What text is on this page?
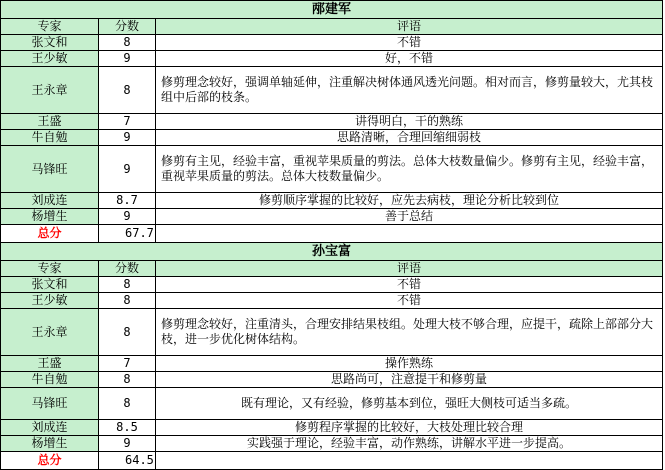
邴建军		
专家	分数	评语
张文和	8	不错
王少敏	9	好，不错
王永章	8	修剪理念较好，强调单轴延伸，注重解决树体通风透光问题。相对而言，修剪量较大，尤其枝组中后部的枝条。
王盛	7	讲得明白，干的熟练
牛自勉	9	思路清晰，合理回缩细弱枝
马锋旺	9	修剪有主见，经验丰富，重视苹果质量的剪法。总体大枝数量偏少。修剪有主见，经验丰富，重视苹果质量的剪法。总体大枝数量偏少。
刘成连	8.7	修剪顺序掌握的比较好，应先去病枝，理论分析比较到位
杨增生	9	善于总结
总分	67.7	
孙宝富		
专家	分数	评语
张文和	8	不错
王少敏	8	不错
王永章	8	修剪理念较好，注重清头，合理安排结果枝组。处理大枝不够合理，应提干，疏除上部部分大枝，进一步优化树体结构。
王盛	7	操作熟练
牛自勉	8	思路尚可，注意提干和修剪量
马锋旺	8	既有理论，又有经验，修剪基本到位，强旺大侧枝可适当多疏。
刘成连	8.5	修剪程序掌握的比较好，大枝处理比较合理
杨增生	9	实践强于理论，经验丰富，动作熟练，讲解水平进一步提高。
总分	64.5	
